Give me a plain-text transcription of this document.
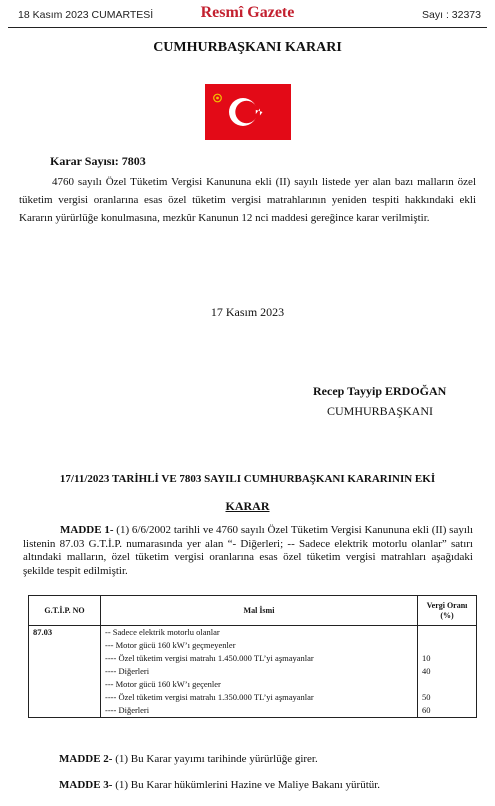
18 Kasım 2023 CUMARTESİ	Resmî Gazete	Sayı : 32373
CUMHURBAŞKANI KARARI
Karar Sayısı: 7803
4760 sayılı Özel Tüketim Vergisi Kanununa ekli (II) sayılı listede yer alan bazı malların özel tüketim vergisi oranlarına esas özel tüketim vergisi matrahlarının yeniden tespiti hakkındaki ekli Kararın yürürlüğe konulmasına, mezkûr Kanunun 12 nci maddesi gereğince karar verilmiştir.
17 Kasım 2023
Recep Tayyip ERDOĞAN
CUMHURBAŞKANI
17/11/2023 TARİHLİ VE 7803 SAYILI CUMHURBAŞKANI KARARININ EKİ
KARAR
MADDE 1- (1) 6/6/2002 tarihli ve 4760 sayılı Özel Tüketim Vergisi Kanununa ekli (II) sayılı listenin 87.03 G.T.İ.P. numarasında yer alan “- Diğerleri; -- Sadece elektrik motorlu olanlar” satırı altındaki malların, özel tüketim vergisi oranlarına esas özel tüketim vergisi matrahları aşağıdaki şekilde tespit edilmiştir.
G.T.İ.P. NO	Mal İsmi	Vergi Oranı
(%)
87.03	-- Sadece elektrik motorlu olanlar	
	--- Motor gücü 160 kW’ı geçmeyenler	
	---- Özel tüketim vergisi matrahı 1.450.000 TL’yi aşmayanlar	10
	---- Diğerleri	40
	--- Motor gücü 160 kW’ı geçenler	
	---- Özel tüketim vergisi matrahı 1.350.000 TL’yi aşmayanlar	50
	---- Diğerleri	60
MADDE 2- (1) Bu Karar yayımı tarihinde yürürlüğe girer.
MADDE 3- (1) Bu Karar hükümlerini Hazine ve Maliye Bakanı yürütür.
